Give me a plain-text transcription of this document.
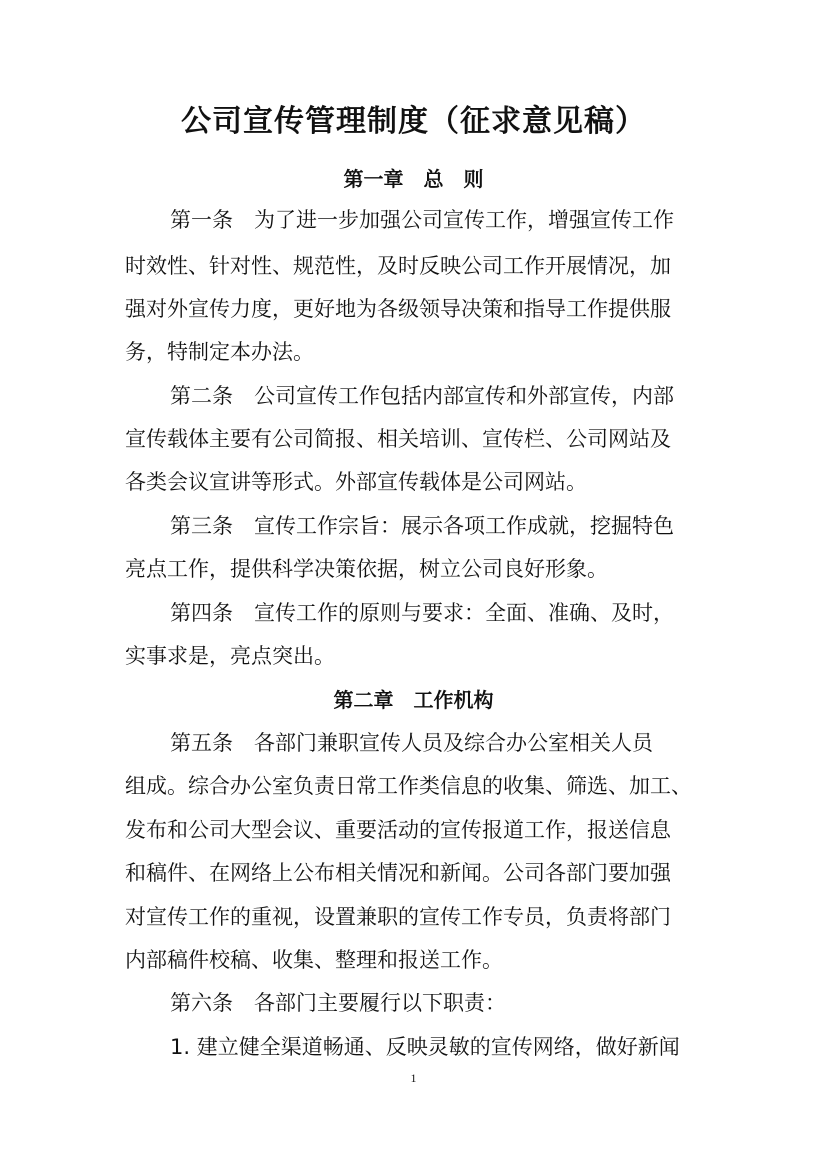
公司宣传管理制度（征求意见稿）
第一章　总　则

第一条　为了进一步加强公司宣传工作，增强宣传工作

时效性、针对性、规范性，及时反映公司工作开展情况，加

强对外宣传力度，更好地为各级领导决策和指导工作提供服

务，特制定本办法。

第二条　公司宣传工作包括内部宣传和外部宣传，内部

宣传载体主要有公司简报、相关培训、宣传栏、公司网站及

各类会议宣讲等形式。外部宣传载体是公司网站。

第三条　宣传工作宗旨：展示各项工作成就，挖掘特色

亮点工作，提供科学决策依据，树立公司良好形象。

第四条　宣传工作的原则与要求：全面、准确、及时，

实事求是，亮点突出。

第二章　工作机构

第五条　各部门兼职宣传人员及综合办公室相关人员

组成。综合办公室负责日常工作类信息的收集、筛选、加工、

发布和公司大型会议、重要活动的宣传报道工作，报送信息

和稿件、在网络上公布相关情况和新闻。公司各部门要加强

对宣传工作的重视，设置兼职的宣传工作专员，负责将部门

内部稿件校稿、收集、整理和报送工作。

第六条　各部门主要履行以下职责：

1. 建立健全渠道畅通、反映灵敏的宣传网络，做好新闻

1
